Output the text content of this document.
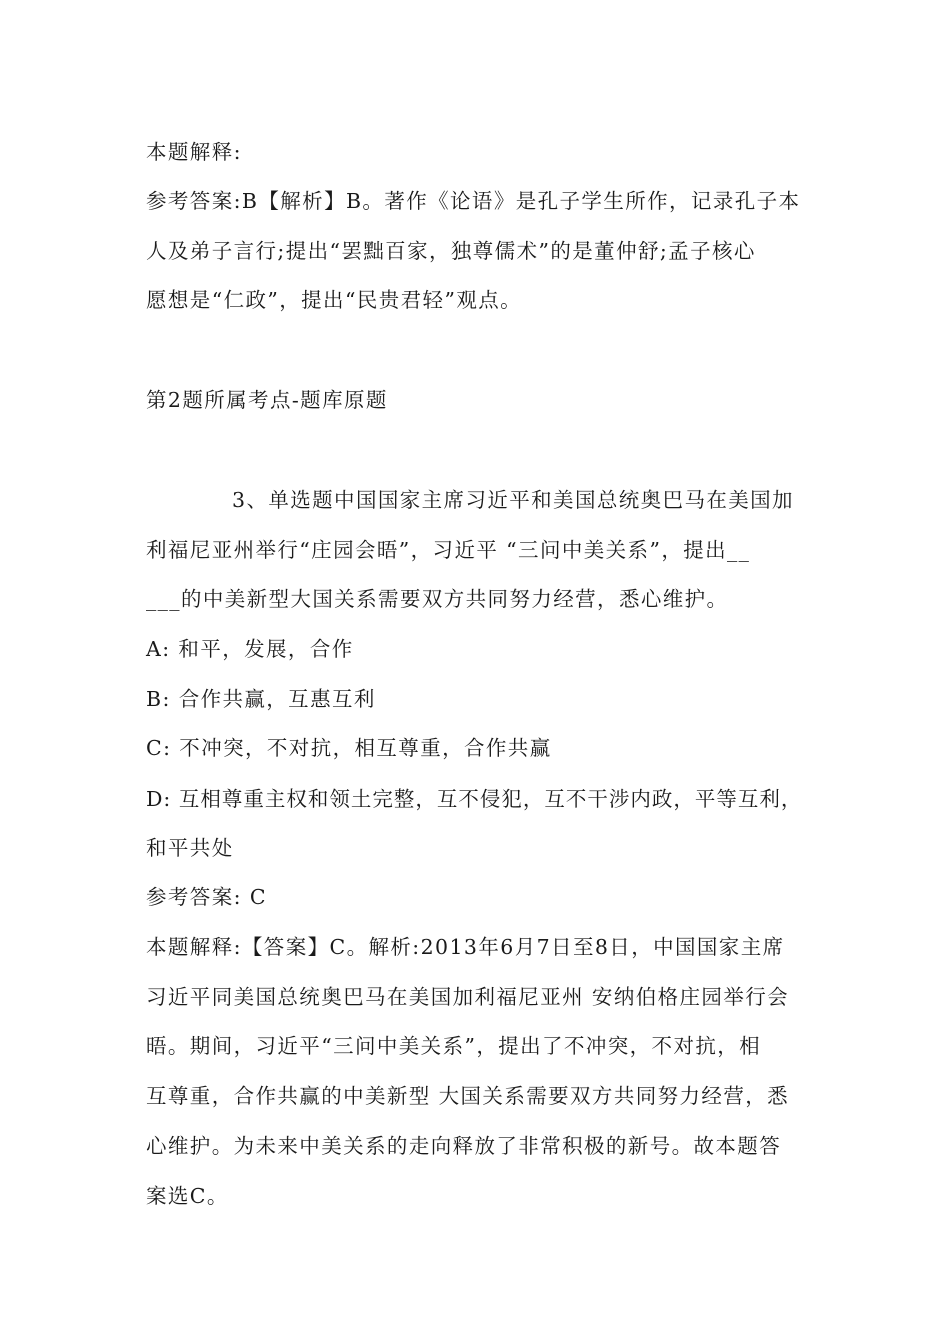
本题解释:

参考答案:B【解析】B。著作《论语》是孔子学生所作，记录孔子本

人及弟子言行;提出“罢黜百家，独尊儒术”的是董仲舒;孟子核心

愿想是“仁政”，提出“民贵君轻”观点。

第2题所属考点-题库原题

3、单选题中国国家主席习近平和美国总统奥巴马在美国加

利福尼亚州举行“庄园会晤”，习近平 “三问中美关系”，提出__

___的中美新型大国关系需要双方共同努力经营，悉心维护。

A: 和平，发展，合作

B: 合作共赢，互惠互利

C: 不冲突，不对抗，相互尊重，合作共赢

D: 互相尊重主权和领土完整，互不侵犯，互不干涉内政，平等互利，

和平共处

参考答案: C

本题解释:【答案】C。解析:2013年6月7日至8日，中国国家主席

习近平同美国总统奥巴马在美国加利福尼亚州 安纳伯格庄园举行会

晤。期间，习近平“三问中美关系”，提出了不冲突，不对抗，相

互尊重，合作共赢的中美新型 大国关系需要双方共同努力经营，悉

心维护。为未来中美关系的走向释放了非常积极的新号。故本题答

案选C。
